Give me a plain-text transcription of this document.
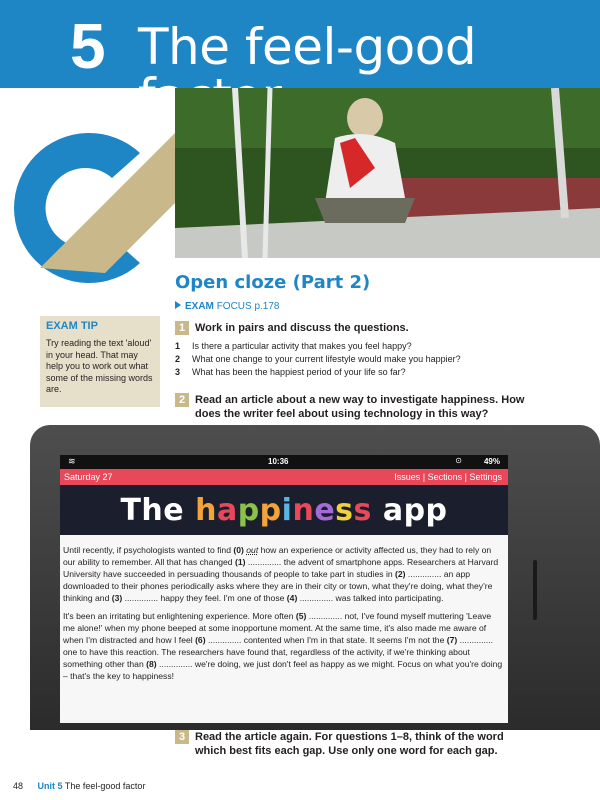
5 The feel-good
Open cloze (Part 2)
EXAM FOCUS p.178
EXAM TIP
Try reading the text 'aloud' in your head. That may help you to work out what some of the missing words are.
1 Work in pairs and discuss the questions.
1	Is there a particular activity that makes you feel happy?
2	What one change to your current lifestyle would make you happier?
3	What has been the happiest period of your life so far?
2 Read an article about a new way to investigate happiness. How does the writer feel about using technology in this way?
≋	10:36	⊙	49%
Saturday 27	Issues | Sections | Settings
The happiness app

Until recently, if psychologists wanted to find (0) out how an experience or activity affected us, they had to rely on our ability to remember. All that has changed (1) .............. the advent of smartphone apps. Researchers at Harvard University have succeeded in persuading thousands of people to take part in studies in (2) .............. an app downloaded to their phones periodically asks where they are in their city or town, what they're doing, what they're thinking and (3) .............. happy they feel. I'm one of those (4) .............. was talked into participating.

It's been an irritating but enlightening experience. More often (5) .............. not, I've found myself muttering 'Leave me alone!' when my phone beeped at some inopportune moment. At the same time, it's also made me aware of when I'm distracted and how I feel (6) .............. contented when I'm in that state. It seems I'm not the (7) .............. one to have this reaction. The researchers have found that, regardless of the activity, if we're thinking about something other than (8) .............. we're doing, we just don't feel as happy as we might. Focus on what you're doing – that's the key to happiness!

3 Read the article again. For questions 1–8, think of the word which best fits each gap. Use only one word for each gap.
48 Unit 5 The feel-good factor
